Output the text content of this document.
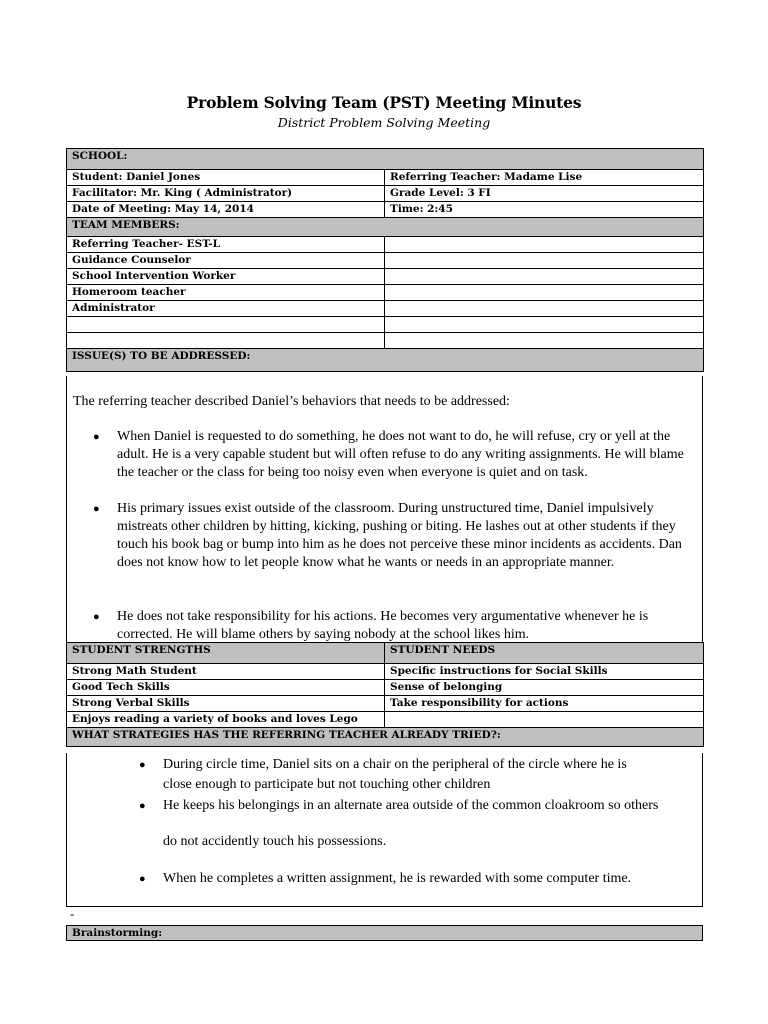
Problem Solving Team (PST) Meeting Minutes
District Problem Solving Meeting
SCHOOL:	
Student: Daniel Jones	Referring Teacher: Madame Lise
Facilitator: Mr. King ( Administrator)	Grade Level: 3 FI
Date of Meeting: May 14, 2014	Time: 2:45
TEAM MEMBERS:	
Referring Teacher- EST-L	
Guidance Counselor	
School Intervention Worker	
Homeroom teacher	
Administrator	

ISSUE(S) TO BE ADDRESSED:	

The referring teacher described Daniel’s behaviors that needs to be addressed:

● When Daniel is requested to do something, he does not want to do, he will refuse, cry or yell at the adult. He is a very capable student but will often refuse to do any writing assignments. He will blame the teacher or the class for being too noisy even when everyone is quiet and on task.
● His primary issues exist outside of the classroom. During unstructured time, Daniel impulsively mistreats other children by hitting, kicking, pushing or biting. He lashes out at other students if they touch his book bag or bump into him as he does not perceive these minor incidents as accidents. Dan does not know how to let people know what he wants or needs in an appropriate manner.
● He does not take responsibility for his actions. He becomes very argumentative whenever he is corrected. He will blame others by saying nobody at the school likes him.
STUDENT STRENGTHS	STUDENT NEEDS
Strong Math Student	Specific instructions for Social Skills
Good Tech Skills	Sense of belonging
Strong Verbal Skills	Take responsibility for actions
Enjoys reading a variety of books and loves Lego	
WHAT STRATEGIES HAS THE REFERRING TEACHER ALREADY TRIED?:	
● During circle time, Daniel sits on a chair on the peripheral of the circle where he is
close enough to participate but not touching other children
● He keeps his belongings in an alternate area outside of the common cloakroom so others
do not accidently touch his possessions.
● When he completes a written assignment, he is rewarded with some computer time.
-
Brainstorming:
